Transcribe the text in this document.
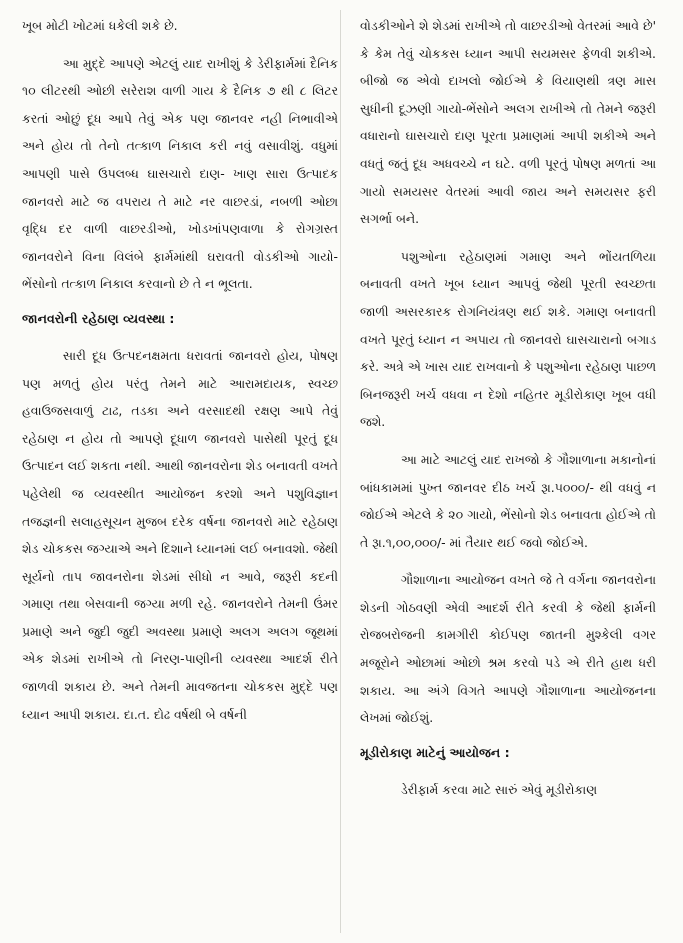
ખૂબ મોટી ખોટમાં ધકેલી શકે છે.

આ મુદ્દે આપણે એટલું યાદ રાખીશું કે ડેરીફાર્મમાં દૈનિક ૧૦ લીટરથી ઓછી સરેરાશ વાળી ગાય કે દૈનિક ૭ થી ૮ લિટર કરતાં ઓછું દૂધ આપે તેવું એક પણ જાનવર નહી નિભાવીએ અને હોય તો તેનો તત્કાળ નિકાલ કરી નવું વસાવીશું. વધુમાં આપણી પાસે ઉપલબ્ધ ઘાસચારો દાણ- ખાણ સારા ઉત્પાદક જાનવરો માટે જ વપરાય તે માટે નર વાછરડાં, નબળી ઓછા વૃદ્ધિ દર વાળી વાછરડીઓ, ખોડખાંપણવાળા કે રોગગ્રસ્ત જાનવરોને વિના વિલંબે ફાર્મમાંથી ઘરાવતી વોડકીઓ ગાયો-ભેંસોનો તત્કાળ નિકાલ કરવાનો છે તે ન ભૂલતા.

જાનવરોની રહેઠાણ વ્યવસ્થા :

સારી દૂધ ઉત્પદનક્ષમતા ધરાવતાં જાનવરો હોય, પોષણ પણ મળતું હોય પરંતુ તેમને માટે આરામદાયક, સ્વચ્છ હવાઉજસવાળું ટાઢ, તડકા અને વરસાદથી રક્ષણ આપે તેવું રહેઠાણ ન હોય તો આપણે દૂધાળ જાનવરો પાસેથી પૂરતું દૂધ ઉત્પાદન લઈ શકતા નથી. આથી જાનવરોના શેડ બનાવતી વખતે પહેલેથી જ વ્યવસ્થીત આયોજન કરશો અને પશુવિજ્ઞાન તજજ્ઞની સલાહસૂચન મુજબ દરેક વર્ષના જાનવરો માટે રહેઠાણ શેડ ચોકકસ જગ્યાએ અને દિશાને ધ્યાનમાં લઈ બનાવશો. જેથી સૂર્યનો તાપ જાવનરોના શેડમાં સીધો ન આવે, જરૂરી કદની ગમાણ તથા બેસવાની જગ્યા મળી રહે. જાનવરોને તેમની ઉંમર પ્રમાણે અને જુદી જુદી અવસ્થા પ્રમાણે અલગ અલગ જૂથમાં એક શેડમાં રાખીએ તો નિરણ-પાણીની વ્યવસ્થા આદર્શ રીતે જાળવી શકાય છે. અને તેમની માવજતના ચોકકસ મુદ્દે પણ ધ્યાન આપી શકાય. દા.ત. દોઢ વર્ષથી બે વર્ષની

વોડકીઓને શે શેડમાં રાખીએ તો વાછરડીઓ વેતરમાં આવે છે' કે કેમ તેવું ચોકકસ ધ્યાન આપી સયમસર ફેળવી શકીએ. બીજો જ એવો દાખલો જોઈએ કે વિયાણથી ત્રણ માસ સુધીની દૂઝણી ગાયો-ભેંસોને અલગ રાખીએ તો તેમને જરૂરી વધારાનો ઘાસચારો દાણ પૂરતા પ્રમાણમાં આપી શકીએ અને વધતું જતું દૂધ અધવચ્ચે ન ઘટે. વળી પૂરતું પોષણ મળતાં આ ગાયો સમયસર વેતરમાં આવી જાય અને સમયસર ફરી સગર્ભા બને.

પશુઓના રહેઠાણમાં ગમાણ અને ભોંયતળિયા બનાવતી વખતે ખૂબ ધ્યાન આપવું જેથી પૂરતી સ્વચ્છતા જાળી અસરકારક રોગનિયંત્રણ થઈ શકે. ગમાણ બનાવતી વખતે પૂરતું ધ્યાન ન અપાય તો જાનવરો ઘાસચારાનો બગાડ કરે. અત્રે એ ખાસ યાદ રાખવાનો કે પશુઓના રહેઠાણ પાછળ બિનજરૂરી ખર્ચ વધવા ન દેશો નહિતર મૂડીરોકાણ ખૂબ વધી જશે.

આ માટે આટલું યાદ રાખજો કે ગૌશાળાના મકાનોનાં બાંધકામમાં પુખ્ત જાનવર દીઠ ખર્ચ રૂા.૫૦૦૦/- થી વધવું ન જોઈએ એટલે કે ૨૦ ગાયો, ભેંસોનો શેડ બનાવતા હોઈએ તો તે રૂા.૧,૦૦,૦૦૦/- માં તૈયાર થઈ જવો જોઈએ.

ગૌશાળાના આયોજન વખતે જે તે વર્ગના જાનવરોના શેડની ગોઠવણી એવી આદર્શ રીતે કરવી કે જેથી ફાર્મની રોજબરોજની કામગીરી કોઈપણ જાતની મુશ્કેલી વગર મજૂરોને ઓછામાં ઓછો શ્રમ કરવો પડે એ રીતે હાથ ધરી શકાય. આ અંગે વિગતે આપણે ગૌશાળાના આયોજનના લેખમાં જોઈશું.

મૂડીરોકાણ માટેનું આયોજન :

ડેરીફાર્મ કરવા માટે સારું એવું મૂડીરોકાણ
